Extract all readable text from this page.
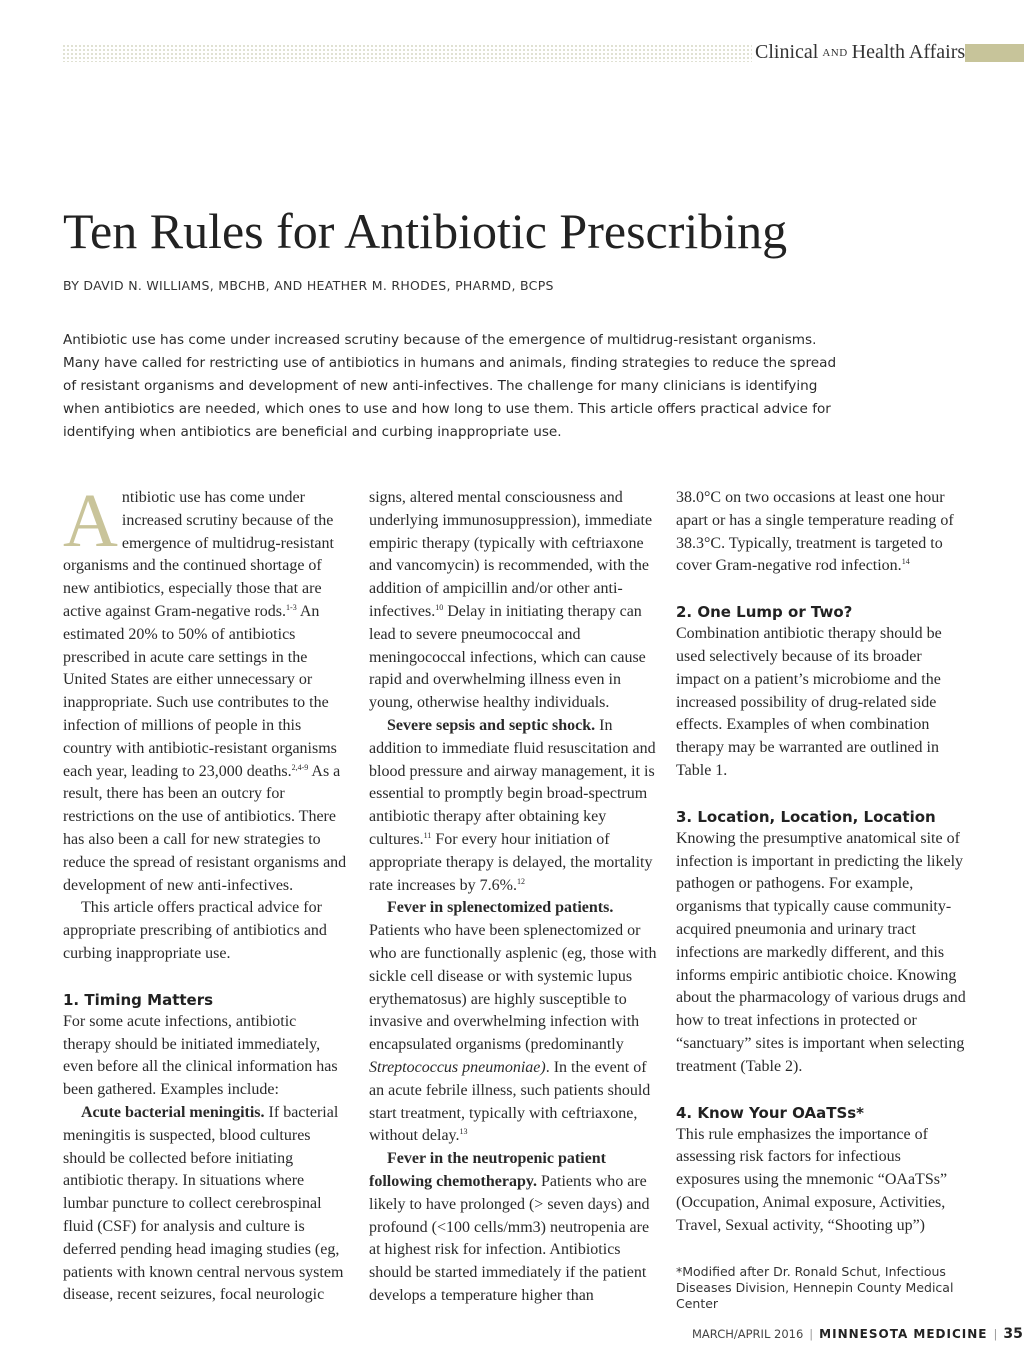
Clinical AND Health Affairs
Ten Rules for Antibiotic Prescribing
BY DAVID N. WILLIAMS, MBCHB, AND HEATHER M. RHODES, PHARMD, BCPS

Antibiotic use has come under increased scrutiny because of the emergence of multidrug-resistant organisms. Many have called for restricting use of antibiotics in humans and animals, finding strategies to reduce the spread of resistant organisms and development of new anti-infectives. The challenge for many clinicians is identifying when antibiotics are needed, which ones to use and how long to use them. This article offers practical advice for identifying when antibiotics are beneficial and curbing inappropriate use.

Antibiotic use has come under increased scrutiny because of the emergence of multidrug-resistant organisms and the continued shortage of new antibiotics, especially those that are active against Gram-negative rods.$^{1-3}$ An estimated 20% to 50% of antibiotics prescribed in acute care settings in the United States are either unnecessary or inappropriate. Such use contributes to the infection of millions of people in this country with antibiotic-resistant organisms each year, leading to 23,000 deaths.$^{2,4-9}$ As a result, there has been an outcry for restrictions on the use of antibiotics. There has also been a call for new strategies to reduce the spread of resistant organisms and development of new anti-infectives.

This article offers practical advice for appropriate prescribing of antibiotics and curbing inappropriate use.

1. Timing Matters

For some acute infections, antibiotic therapy should be initiated immediately, even before all the clinical information has been gathered. Examples include:

Acute bacterial meningitis. If bacterial meningitis is suspected, blood cultures should be collected before initiating antibiotic therapy. In situations where lumbar puncture to collect cerebrospinal fluid (CSF) for analysis and culture is deferred pending head imaging studies (eg, patients with known central nervous system disease, recent seizures, focal neurologic

signs, altered mental consciousness and underlying immunosuppression), immediate empiric therapy (typically with ceftriaxone and vancomycin) is recommended, with the addition of ampicillin and/or other anti-infectives.$^{10}$ Delay in initiating therapy can lead to severe pneumococcal and meningococcal infections, which can cause rapid and overwhelming illness even in young, otherwise healthy individuals.

Severe sepsis and septic shock. In addition to immediate fluid resuscitation and blood pressure and airway management, it is essential to promptly begin broad-spectrum antibiotic therapy after obtaining key cultures.$^{11}$ For every hour initiation of appropriate therapy is delayed, the mortality rate increases by 7.6%.$^{12}$

Fever in splenectomized patients. Patients who have been splenectomized or who are functionally asplenic (eg, those with sickle cell disease or with systemic lupus erythematosus) are highly susceptible to invasive and overwhelming infection with encapsulated organisms (predominantly Streptococcus pneumoniae). In the event of an acute febrile illness, such patients should start treatment, typically with ceftriaxone, without delay.$^{13}$

Fever in the neutropenic patient following chemotherapy. Patients who are likely to have prolonged (> seven days) and profound (<100 cells/mm3) neutropenia are at highest risk for infection. Antibiotics should be started immediately if the patient develops a temperature higher than

38.0°C on two occasions at least one hour apart or has a single temperature reading of 38.3°C. Typically, treatment is targeted to cover Gram-negative rod infection.$^{14}$

2. One Lump or Two?

Combination antibiotic therapy should be used selectively because of its broader impact on a patient’s microbiome and the increased possibility of drug-related side effects. Examples of when combination therapy may be warranted are outlined in Table 1.

3. Location, Location, Location

Knowing the presumptive anatomical site of infection is important in predicting the likely pathogen or pathogens. For example, organisms that typically cause community-acquired pneumonia and urinary tract infections are markedly different, and this informs empiric antibiotic choice. Knowing about the pharmacology of various drugs and how to treat infections in protected or “sanctuary” sites is important when selecting treatment (Table 2).

4. Know Your OAaTSs*

This rule emphasizes the importance of assessing risk factors for infectious exposures using the mnemonic “OAaTSs” (Occupation, Animal exposure, Activities, Travel, Sexual activity, “Shooting up”)

*Modified after Dr. Ronald Schut, Infectious Diseases Division, Hennepin County Medical Center
MARCH/APRIL 2016 | MINNESOTA MEDICINE | 35
